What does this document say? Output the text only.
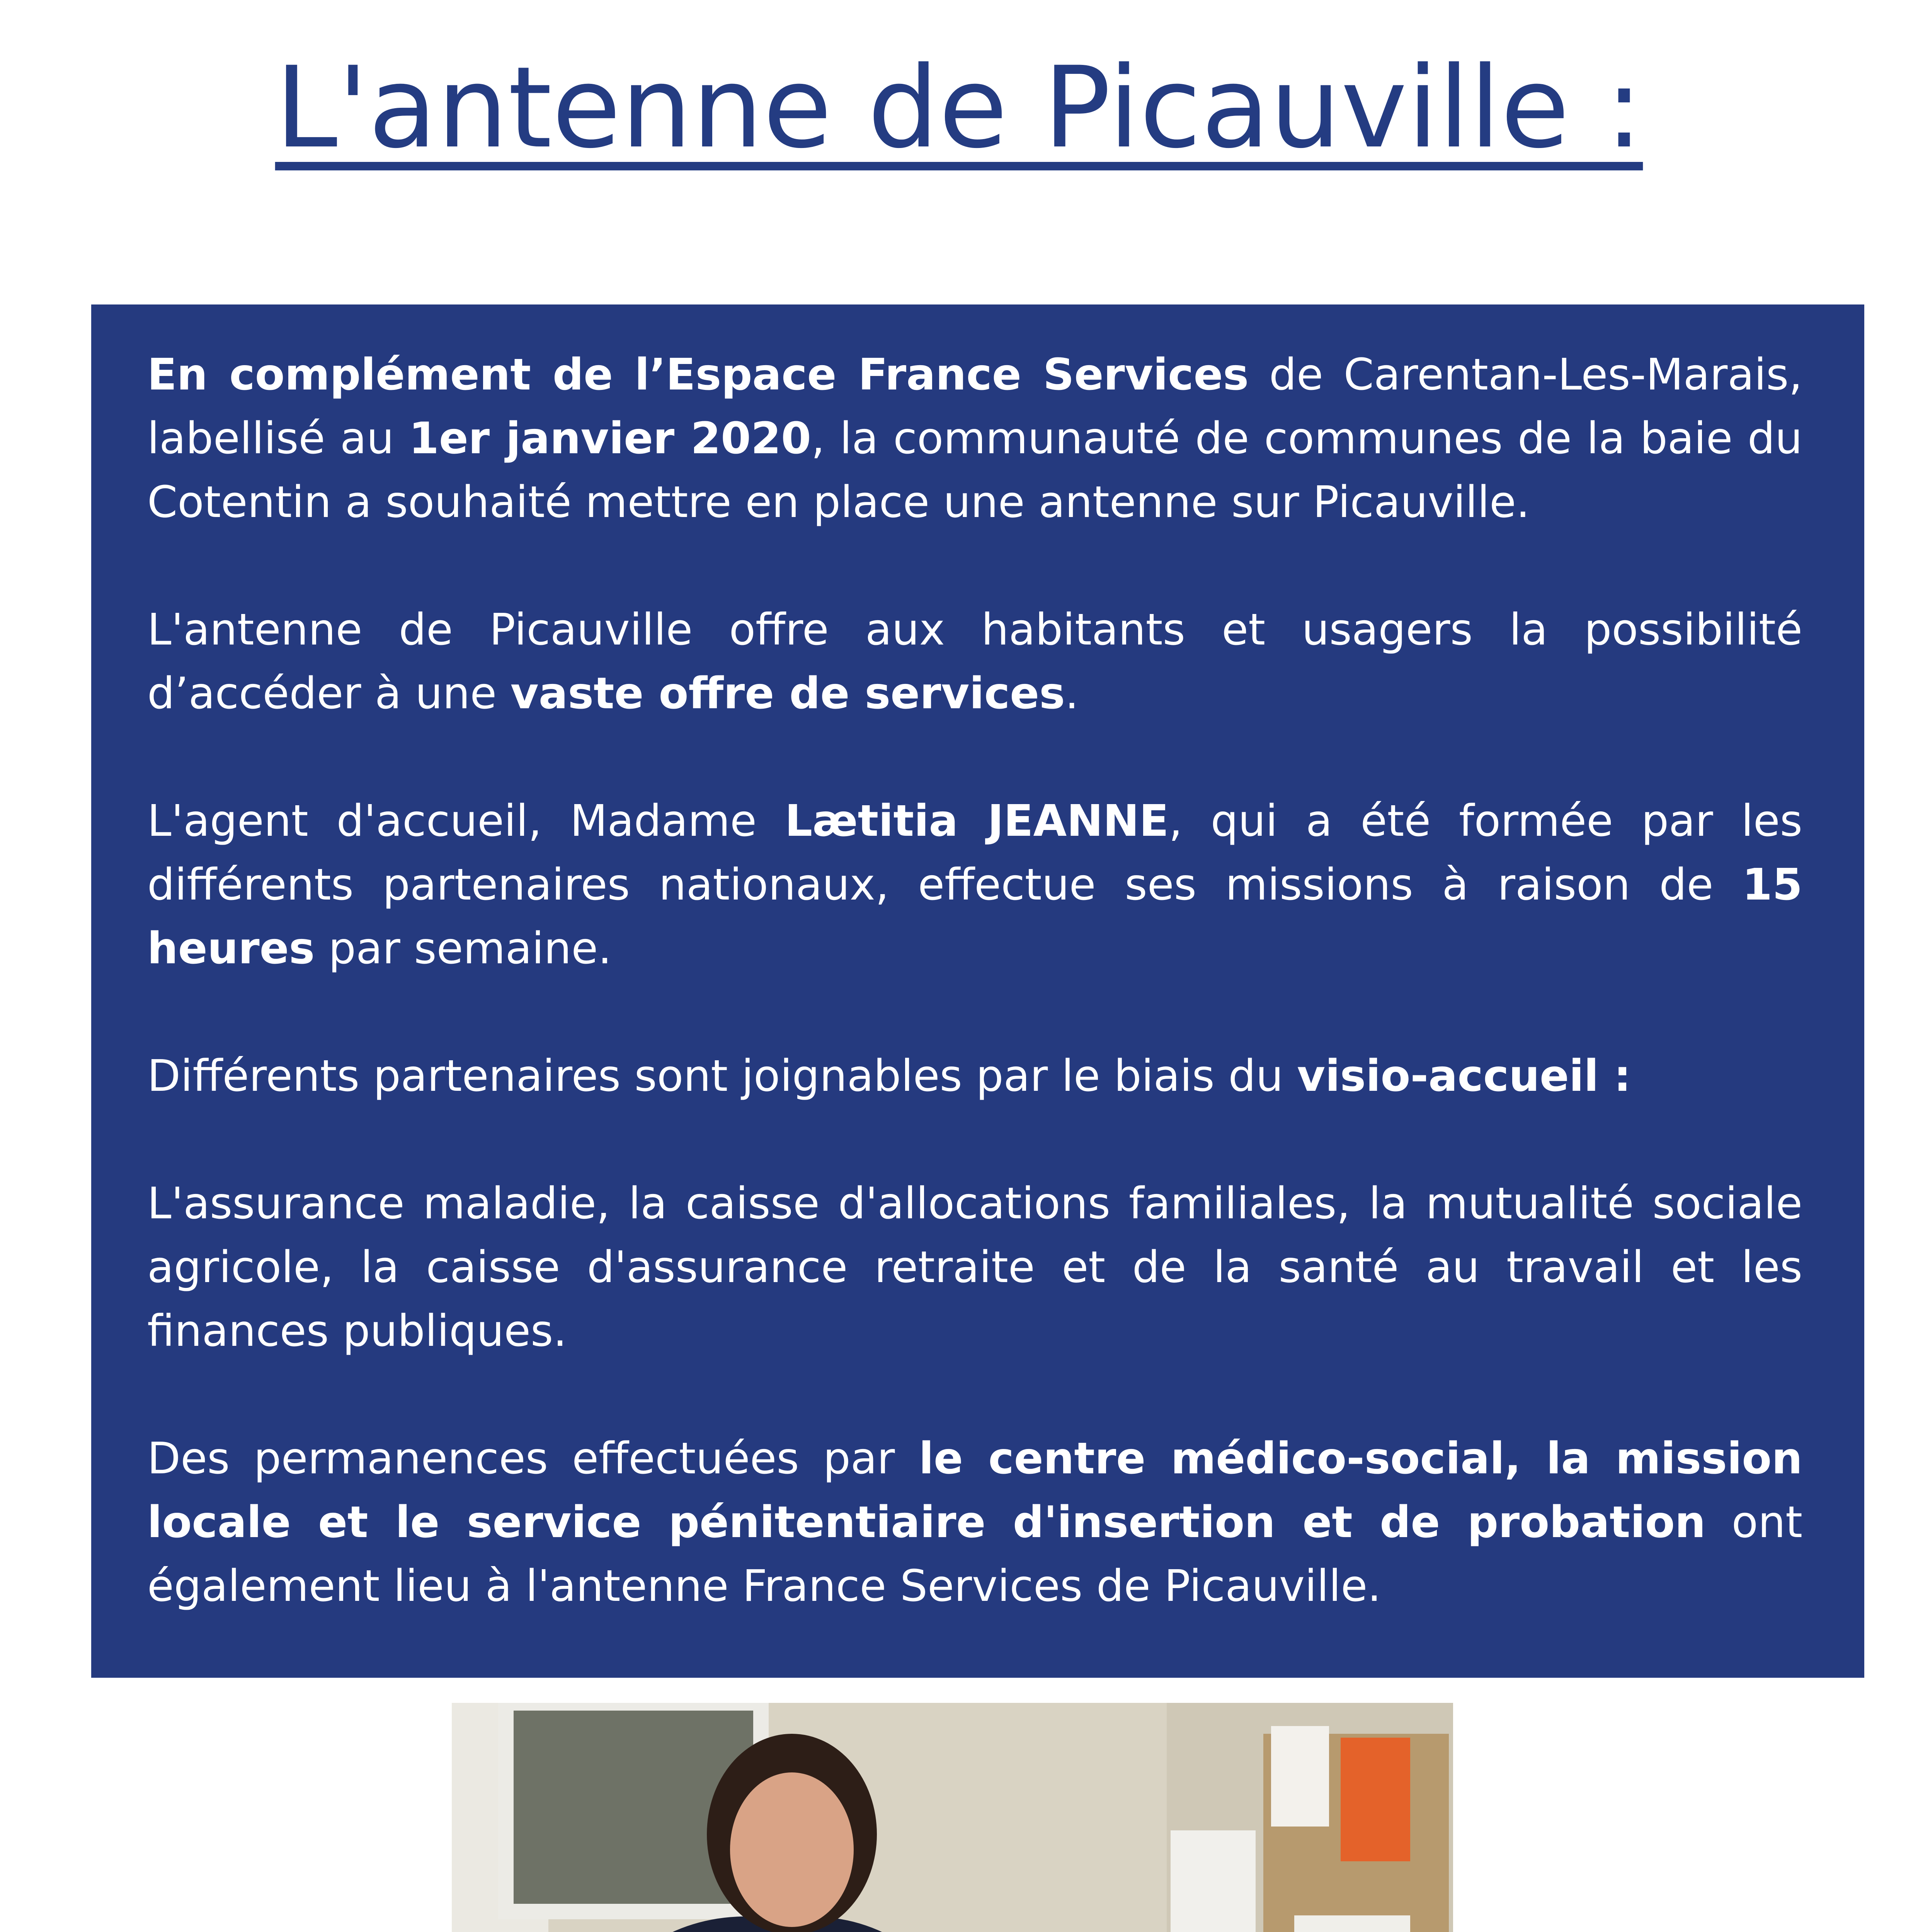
L'antenne de Picauville :

En complément de l’Espace France Services de Carentan-Les-Marais, labellisé au 1er janvier 2020, la communauté de communes de la baie du Cotentin a souhaité mettre en place une antenne sur Picauville.

L'antenne de Picauville offre aux habitants et usagers la possibilité d’accéder à une vaste offre de services.

L'agent d'accueil, Madame Lætitia JEANNE, qui a été formée par les différents partenaires nationaux, effectue ses missions à raison de 15 heures par semaine.

Différents partenaires sont joignables par le biais du visio-accueil :

L'assurance maladie, la caisse d'allocations familiales, la mutualité sociale agricole, la caisse d'assurance retraite et de la santé au travail et les finances publiques.

Des permanences effectuées par le centre médico-social, la mission locale et le service pénitentiaire d'insertion et de probation ont également lieu à l'antenne France Services de Picauville.
